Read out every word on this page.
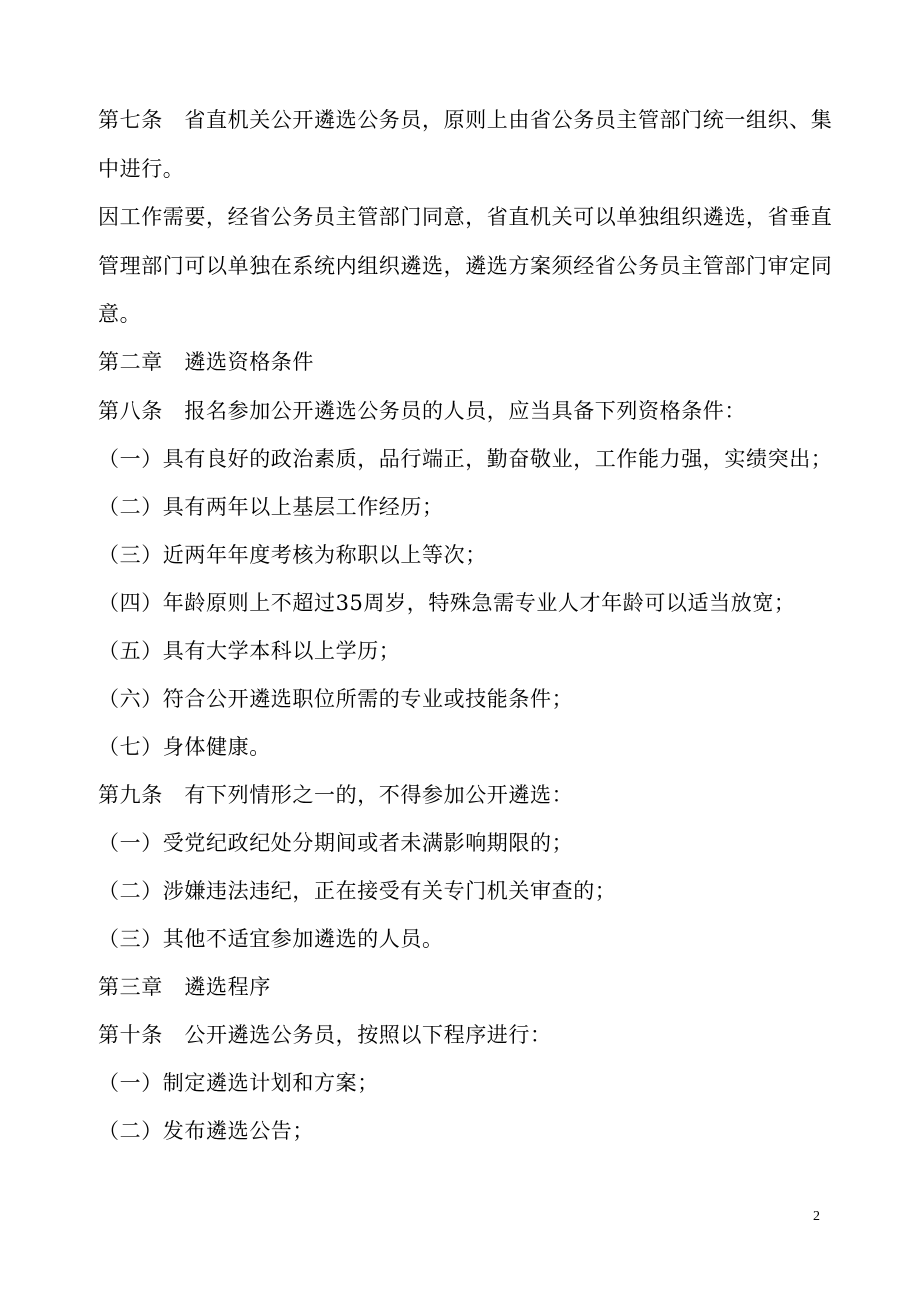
第七条　省直机关公开遴选公务员，原则上由省公务员主管部门统一组织、集
中进行。
因工作需要，经省公务员主管部门同意，省直机关可以单独组织遴选，省垂直
管理部门可以单独在系统内组织遴选，遴选方案须经省公务员主管部门审定同
意。
第二章　遴选资格条件
第八条　报名参加公开遴选公务员的人员，应当具备下列资格条件：
（一）具有良好的政治素质，品行端正，勤奋敬业，工作能力强，实绩突出；
（二）具有两年以上基层工作经历；
（三）近两年年度考核为称职以上等次；
（四）年龄原则上不超过35周岁，特殊急需专业人才年龄可以适当放宽；
（五）具有大学本科以上学历；
（六）符合公开遴选职位所需的专业或技能条件；
（七）身体健康。
第九条　有下列情形之一的，不得参加公开遴选：
（一）受党纪政纪处分期间或者未满影响期限的；
（二）涉嫌违法违纪，正在接受有关专门机关审查的；
（三）其他不适宜参加遴选的人员。
第三章　遴选程序
第十条　公开遴选公务员，按照以下程序进行：
（一）制定遴选计划和方案；
（二）发布遴选公告；
2
